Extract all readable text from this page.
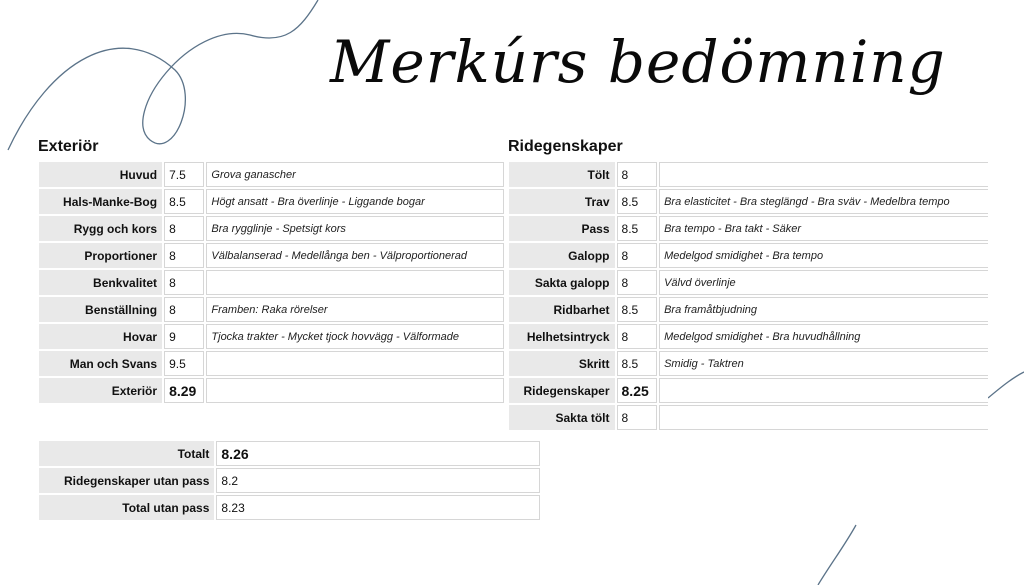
Merkúrs bedömning
Exteriör
Huvud	7.5	Grova ganascher
Hals-Manke-Bog	8.5	Högt ansatt - Bra överlinje - Liggande bogar
Rygg och kors	8	Bra rygglinje - Spetsigt kors
Proportioner	8	Välbalanserad - Medellånga ben - Välproportionerad
Benkvalitet	8	
Benställning	8	Framben: Raka rörelser
Hovar	9	Tjocka trakter - Mycket tjock hovvägg - Välformade
Man och Svans	9.5	
Exteriör	8.29	
Ridegenskaper
Tölt	8	
Trav	8.5	Bra elasticitet - Bra steglängd - Bra sväv - Medelbra tempo
Pass	8.5	Bra tempo - Bra takt - Säker
Galopp	8	Medelgod smidighet - Bra tempo
Sakta galopp	8	Välvd överlinje
Ridbarhet	8.5	Bra framåtbjudning
Helhetsintryck	8	Medelgod smidighet - Bra huvudhållning
Skritt	8.5	Smidig - Taktren
Ridegenskaper	8.25	
Sakta tölt	8	
Totalt	8.26
Ridegenskaper utan pass	8.2
Total utan pass	8.23
